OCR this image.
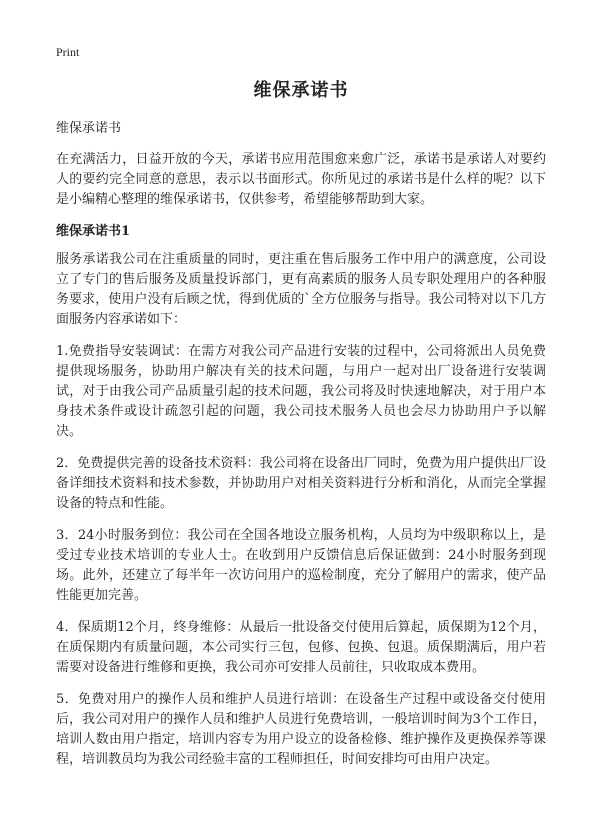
Print
维保承诺书

维保承诺书

在充满活力，日益开放的今天，承诺书应用范围愈来愈广泛，承诺书是承诺人对要约人的要约完全同意的意思，表示以书面形式。你所见过的承诺书是什么样的呢？以下是小编精心整理的维保承诺书，仅供参考，希望能够帮助到大家。

维保承诺书1

服务承诺我公司在注重质量的同时，更注重在售后服务工作中用户的满意度，公司设立了专门的售后服务及质量投诉部门，更有高素质的服务人员专职处理用户的各种服务要求，使用户没有后顾之忧，得到优质的`全方位服务与指导。我公司特对以下几方面服务内容承诺如下：

1.免费指导安装调试：在需方对我公司产品进行安装的过程中，公司将派出人员免费 提供现场服务，协助用户解决有关的技术问题，与用户一起对出厂设备进行安装调试，对于由我公司产品质量引起的技术问题，我公司将及时快速地解决，对于用户本身技术条件或设计疏忽引起的问题，我公司技术服务人员也会尽力协助用户予以解决。

2．免费提供完善的设备技术资料：我公司将在设备出厂同时，免费为用户提供出厂设备详细技术资料和技术参数，并协助用户对相关资料进行分析和消化，从而完全掌握设备的特点和性能。

3．24小时服务到位：我公司在全国各地设立服务机构，人员均为中级职称以上，是受过专业技术培训的专业人士。在收到用户反馈信息后保证做到：24小时服务到现场。此外，还建立了每半年一次访问用户的巡检制度，充分了解用户的需求，使产品性能更加完善。

4．保质期12个月，终身维修：从最后一批设备交付使用后算起，质保期为12个月，在质保期内有质量问题，本公司实行三包，包修、包换、包退。质保期满后，用户若需要对设备进行维修和更换，我公司亦可安排人员前往，只收取成本费用。

5．免费对用户的操作人员和维护人员进行培训：在设备生产过程中或设备交付使用后，我公司对用户的操作人员和维护人员进行免费培训，一般培训时间为3个工作日，培训人数由用户指定，培训内容专为用户设立的设备检修、维护操作及更换保养等课程，培训教员均为我公司经验丰富的工程师担任，时间安排均可由用户决定。
